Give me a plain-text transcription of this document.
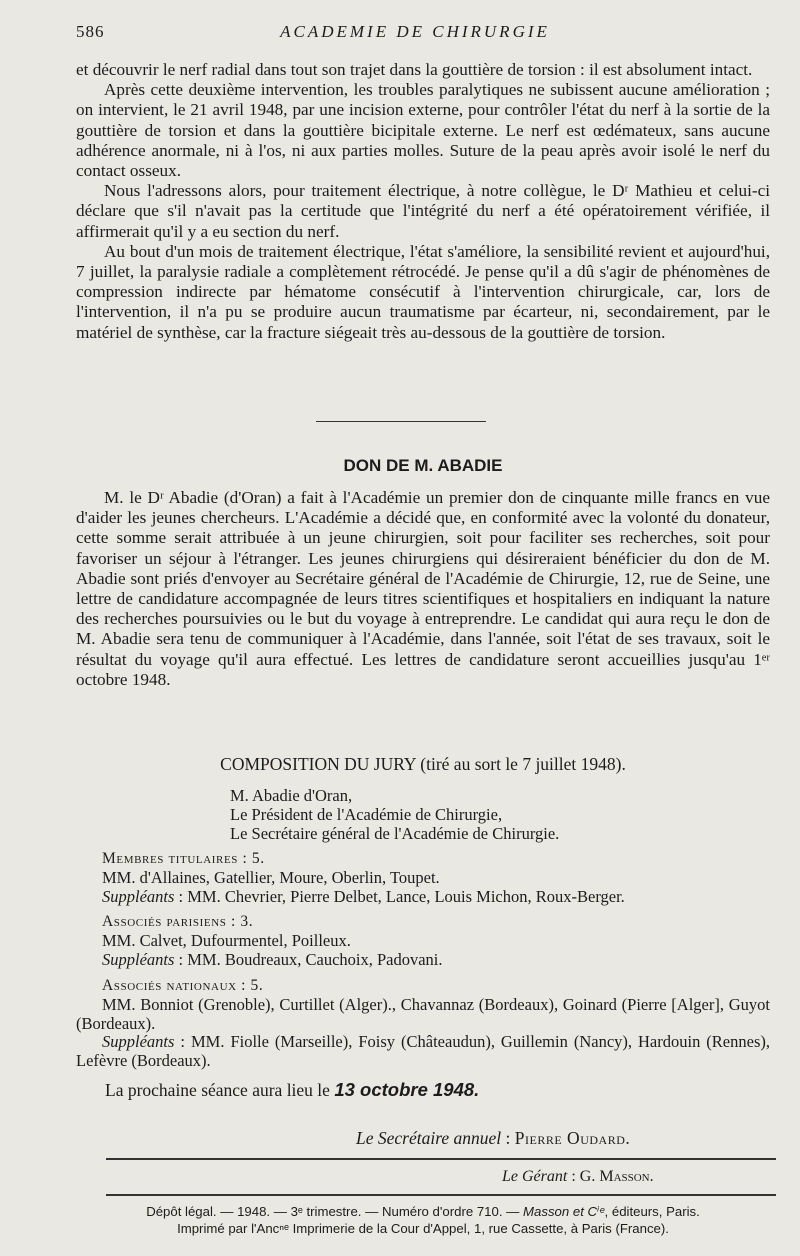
586	ACADEMIE DE CHIRURGIE

et découvrir le nerf radial dans tout son trajet dans la gouttière de torsion : il est absolument intact.

Après cette deuxième intervention, les troubles paralytiques ne subissent aucune amélioration ; on intervient, le 21 avril 1948, par une incision externe, pour contrôler l'état du nerf à la sortie de la gouttière de torsion et dans la gouttière bicipitale externe. Le nerf est œdémateux, sans aucune adhérence anormale, ni à l'os, ni aux parties molles. Suture de la peau après avoir isolé le nerf du contact osseux.

Nous l'adressons alors, pour traitement électrique, à notre collègue, le Dʳ Mathieu et celui-ci déclare que s'il n'avait pas la certitude que l'intégrité du nerf a été opératoirement vérifiée, il affirmerait qu'il y a eu section du nerf.

Au bout d'un mois de traitement électrique, l'état s'améliore, la sensibilité revient et aujourd'hui, 7 juillet, la paralysie radiale a complètement rétrocédé. Je pense qu'il a dû s'agir de phénomènes de compression indirecte par hématome consécutif à l'intervention chirurgicale, car, lors de l'intervention, il n'a pu se produire aucun traumatisme par écarteur, ni, secondairement, par le matériel de synthèse, car la fracture siégeait très au-dessous de la gouttière de torsion.

DON DE M. ABADIE

M. le Dʳ Abadie (d'Oran) a fait à l'Académie un premier don de cinquante mille francs en vue d'aider les jeunes chercheurs. L'Académie a décidé que, en conformité avec la volonté du donateur, cette somme serait attribuée à un jeune chirurgien, soit pour faciliter ses recherches, soit pour favoriser un séjour à l'étranger. Les jeunes chirurgiens qui désireraient bénéficier du don de M. Abadie sont priés d'envoyer au Secrétaire général de l'Académie de Chirurgie, 12, rue de Seine, une lettre de candidature accompagnée de leurs titres scientifiques et hospitaliers en indiquant la nature des recherches poursuivies ou le but du voyage à entreprendre. Le candidat qui aura reçu le don de M. Abadie sera tenu de communiquer à l'Académie, dans l'année, soit l'état de ses travaux, soit le résultat du voyage qu'il aura effectué. Les lettres de candidature seront accueillies jusqu'au 1ᵉʳ octobre 1948.

COMPOSITION DU JURY (tiré au sort le 7 juillet 1948).
M. Abadie d'Oran,
Le Président de l'Académie de Chirurgie,
Le Secrétaire général de l'Académie de Chirurgie.
Membres titulaires : 5.
MM. d'Allaines, Gatellier, Moure, Oberlin, Toupet.
Suppléants : MM. Chevrier, Pierre Delbet, Lance, Louis Michon, Roux-Berger.
Associés parisiens : 3.
MM. Calvet, Dufourmentel, Poilleux.
Suppléants : MM. Boudreaux, Cauchoix, Padovani.
Associés nationaux : 5.
MM. Bonniot (Grenoble), Curtillet (Alger)., Chavannaz (Bordeaux), Goinard (Pierre [Alger], Guyot (Bordeaux).
Suppléants : MM. Fiolle (Marseille), Foisy (Châteaudun), Guillemin (Nancy), Hardouin (Rennes), Lefèvre (Bordeaux).
La prochaine séance aura lieu le 13 octobre 1948.
Le Secrétaire annuel : Pierre Oudard.
Le Gérant : G. Masson.
Dépôt légal. — 1948. — 3ᵉ trimestre. — Numéro d'ordre 710. — Masson et Cⁱᵉ, éditeurs, Paris.
Imprimé par l'Ancⁿᵉ Imprimerie de la Cour d'Appel, 1, rue Cassette, à Paris (France).
